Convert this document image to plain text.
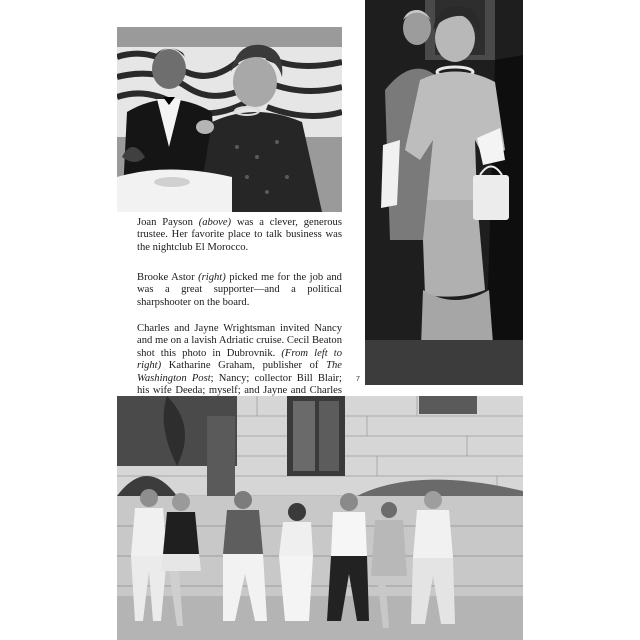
Joan Payson (above) was a clever, generous trustee. Her favorite place to talk business was the nightclub El Morocco.

Brooke Astor (right) picked me for the job and was a great supporter—and a political sharpshooter on the board.

Charles and Jayne Wrightsman invited Nancy and me on a lavish Adriatic cruise. Cecil Beaton shot this photo in Dubrovnik. (From left to right) Katharine Graham, publisher of The Washington Post; Nancy; collector Bill Blair; his wife Deeda; myself; and Jayne and Charles

7
